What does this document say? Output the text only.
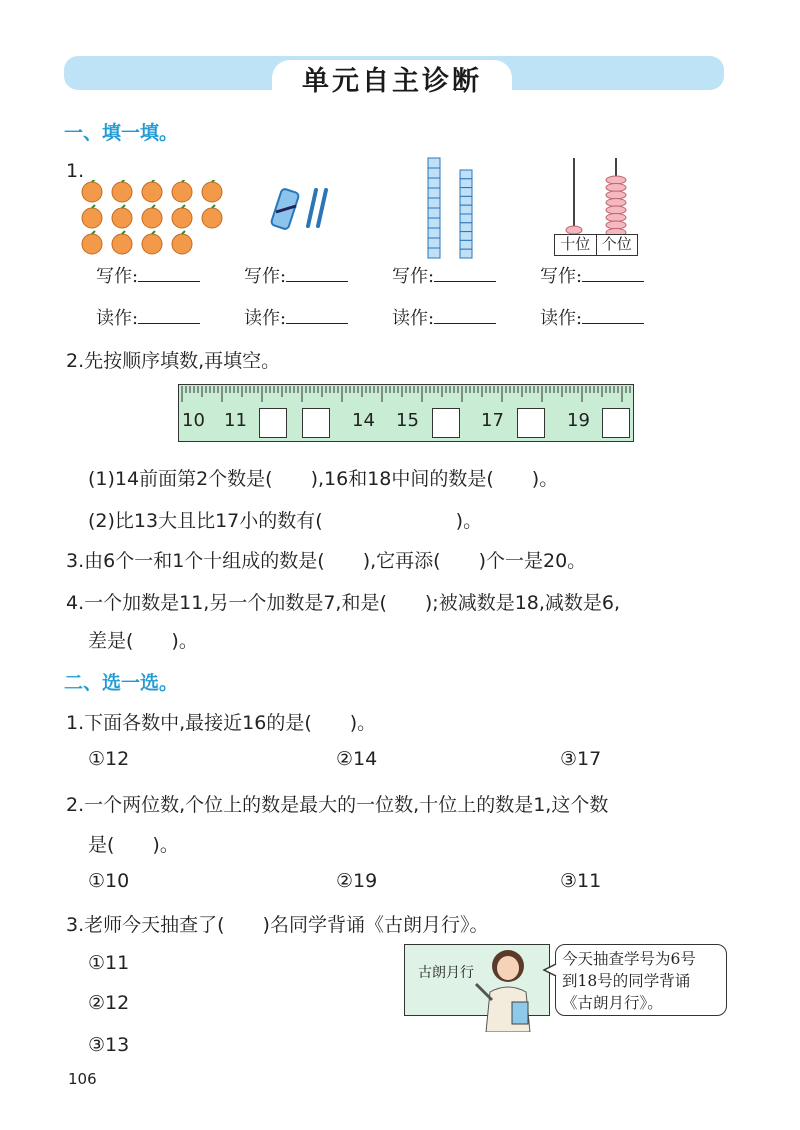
单元自主诊断
一、填一填。
1.
十位 个位
写作:	写作:	写作:	写作:
读作:	读作:	读作:	读作:
2.先按顺序填数,再填空。
10 11	14 15	17	19
(1)14前面第2个数是(　　),16和18中间的数是(　　)。
(2)比13大且比17小的数有(　　　　　　　)。
3.由6个一和1个十组成的数是(　　),它再添(　　)个一是20。
4.一个加数是11,另一个加数是7,和是(　　);被减数是18,减数是6,
差是(　　)。
二、选一选。
1.下面各数中,最接近16的是(　　)。
①12	②14	③17
2.一个两位数,个位上的数是最大的一位数,十位上的数是1,这个数
是(　　)。
①10	②19	③11
3.老师今天抽查了(　　)名同学背诵《古朗月行》。
①11
②12
③13
古朗月行
今天抽查学号为6号
到18号的同学背诵
《古朗月行》。
106
